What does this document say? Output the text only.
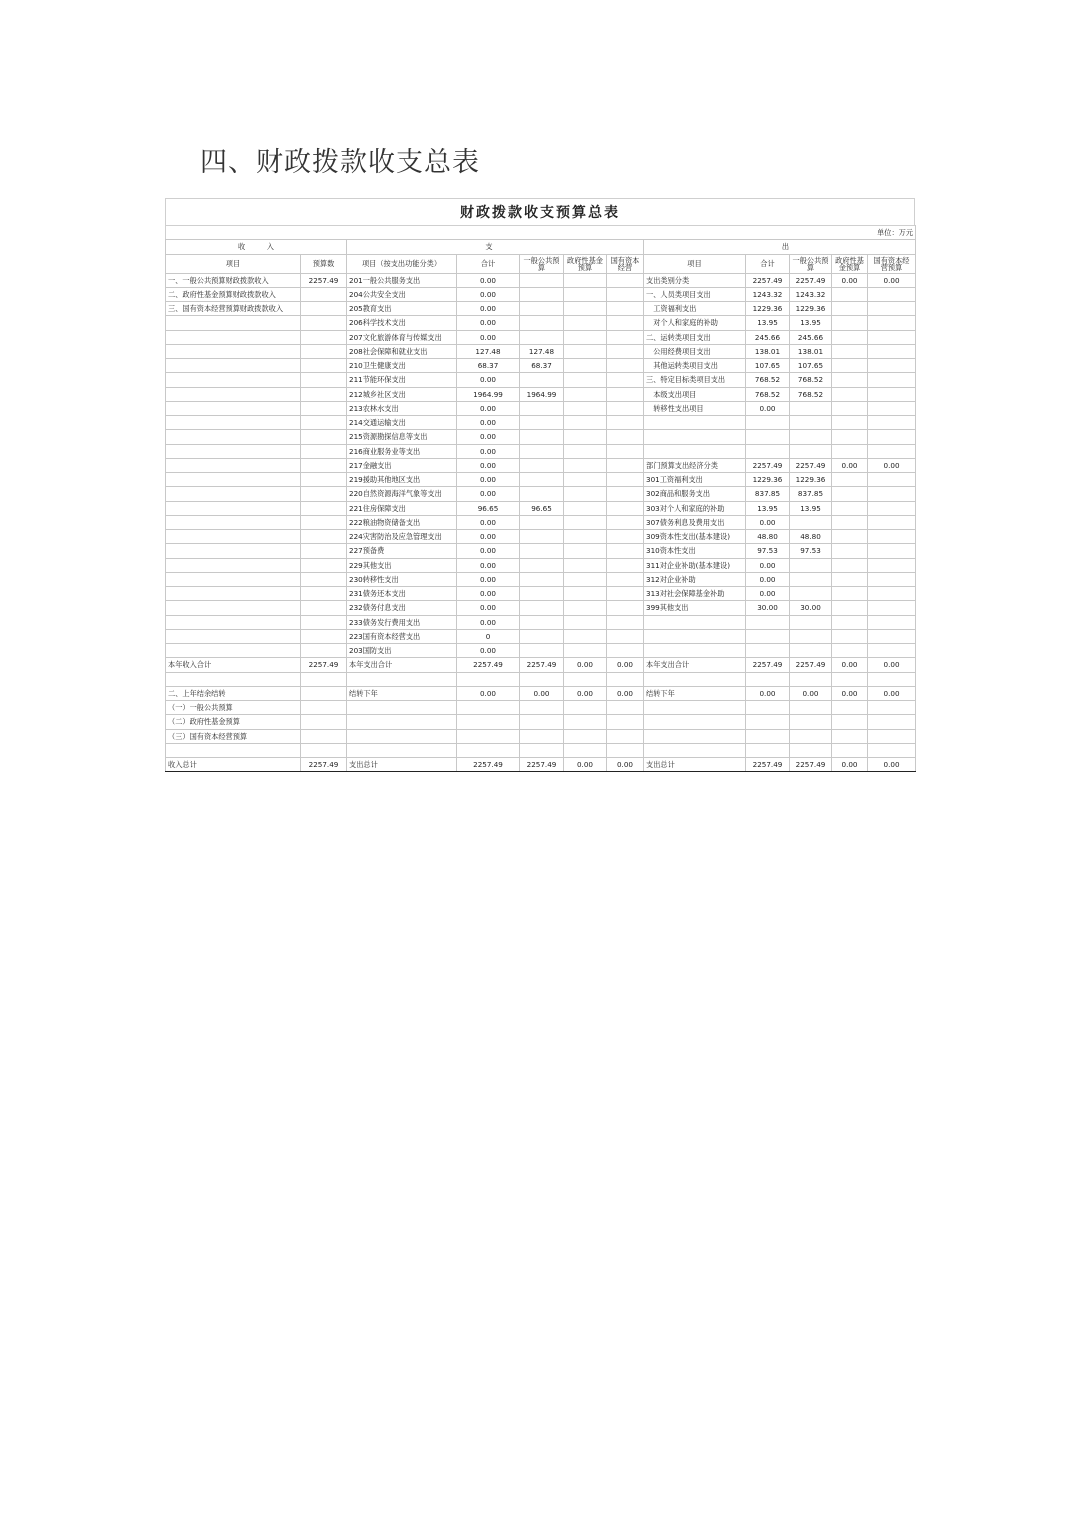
四、财政拨款收支总表
财政拨款收支预算总表
											单位：万元
收　　　入		支					出				
项目	预算数	项目（按支出功能分类）	合计	一般公共预算	政府性基金预算	国有资本经营	项目	合计	一般公共预算	政府性基金预算	国有资本经营预算
一、一般公共预算财政拨款收入	2257.49	201一般公共服务支出	0.00				支出类别分类	2257.49	2257.49	0.00	0.00
二、政府性基金预算财政拨款收入		204公共安全支出	0.00				一、人员类项目支出	1243.32	1243.32		
三、国有资本经营预算财政拨款收入		205教育支出	0.00				　工资福利支出	1229.36	1229.36		
		206科学技术支出	0.00				　对个人和家庭的补助	13.95	13.95		
		207文化旅游体育与传媒支出	0.00				二、运转类项目支出	245.66	245.66		
		208社会保障和就业支出	127.48	127.48			　公用经费项目支出	138.01	138.01		
		210卫生健康支出	68.37	68.37			　其他运转类项目支出	107.65	107.65		
		211节能环保支出	0.00				三、特定目标类项目支出	768.52	768.52		
		212城乡社区支出	1964.99	1964.99			　本级支出项目	768.52	768.52		
		213农林水支出	0.00				　转移性支出项目	0.00			
		214交通运输支出	0.00								
		215资源勘探信息等支出	0.00								
		216商业服务业等支出	0.00								
		217金融支出	0.00				部门预算支出经济分类	2257.49	2257.49	0.00	0.00
		219援助其他地区支出	0.00				301工资福利支出	1229.36	1229.36		
		220自然资源海洋气象等支出	0.00				302商品和服务支出	837.85	837.85		
		221住房保障支出	96.65	96.65			303对个人和家庭的补助	13.95	13.95		
		222粮油物资储备支出	0.00				307债务利息及费用支出	0.00			
		224灾害防治及应急管理支出	0.00				309资本性支出(基本建设)	48.80	48.80		
		227预备费	0.00				310资本性支出	97.53	97.53		
		229其他支出	0.00				311对企业补助(基本建设)	0.00			
		230转移性支出	0.00				312对企业补助	0.00			
		231债务还本支出	0.00				313对社会保障基金补助	0.00			
		232债务付息支出	0.00				399其他支出	30.00	30.00		
		233债务发行费用支出	0.00								
		223国有资本经营支出	0								
		203国防支出	0.00								
本年收入合计	2257.49	本年支出合计	2257.49	2257.49	0.00	0.00	本年支出合计	2257.49	2257.49	0.00	0.00

二、上年结余结转		结转下年	0.00	0.00	0.00	0.00	结转下年	0.00	0.00	0.00	0.00
（一）一般公共预算											
（二）政府性基金预算											
（三）国有资本经营预算											

收入总计	2257.49	支出总计	2257.49	2257.49	0.00	0.00	支出总计	2257.49	2257.49	0.00	0.00
